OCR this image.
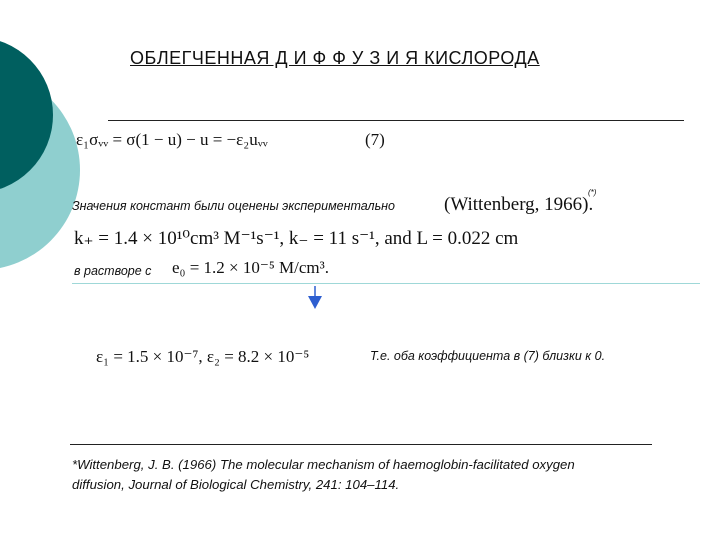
ОБЛЕГЧЕННАЯ Д И Ф Ф У З И Я КИСЛОРОДА
ε₁σᵥᵥ = σ(1 − u) − u = −ε₂uᵥᵥ	(7)
Значения констант были оценены экспериментально	(Wittenberg, 1966).
(*)
k₊ = 1.4 × 10¹⁰cm³ M⁻¹s⁻¹, k₋ = 11 s⁻¹, and L = 0.022 cm
в растворе с e₀ = 1.2 × 10⁻⁵ M/cm³.
ε₁ = 1.5 × 10⁻⁷, ε₂ = 8.2 × 10⁻⁵	Т.е. оба коэффициента в (7) близки к 0.
*Wittenberg, J. B. (1966) The molecular mechanism of haemoglobin-facilitated oxygen
diffusion, Journal of Biological Chemistry, 241: 104–114.
